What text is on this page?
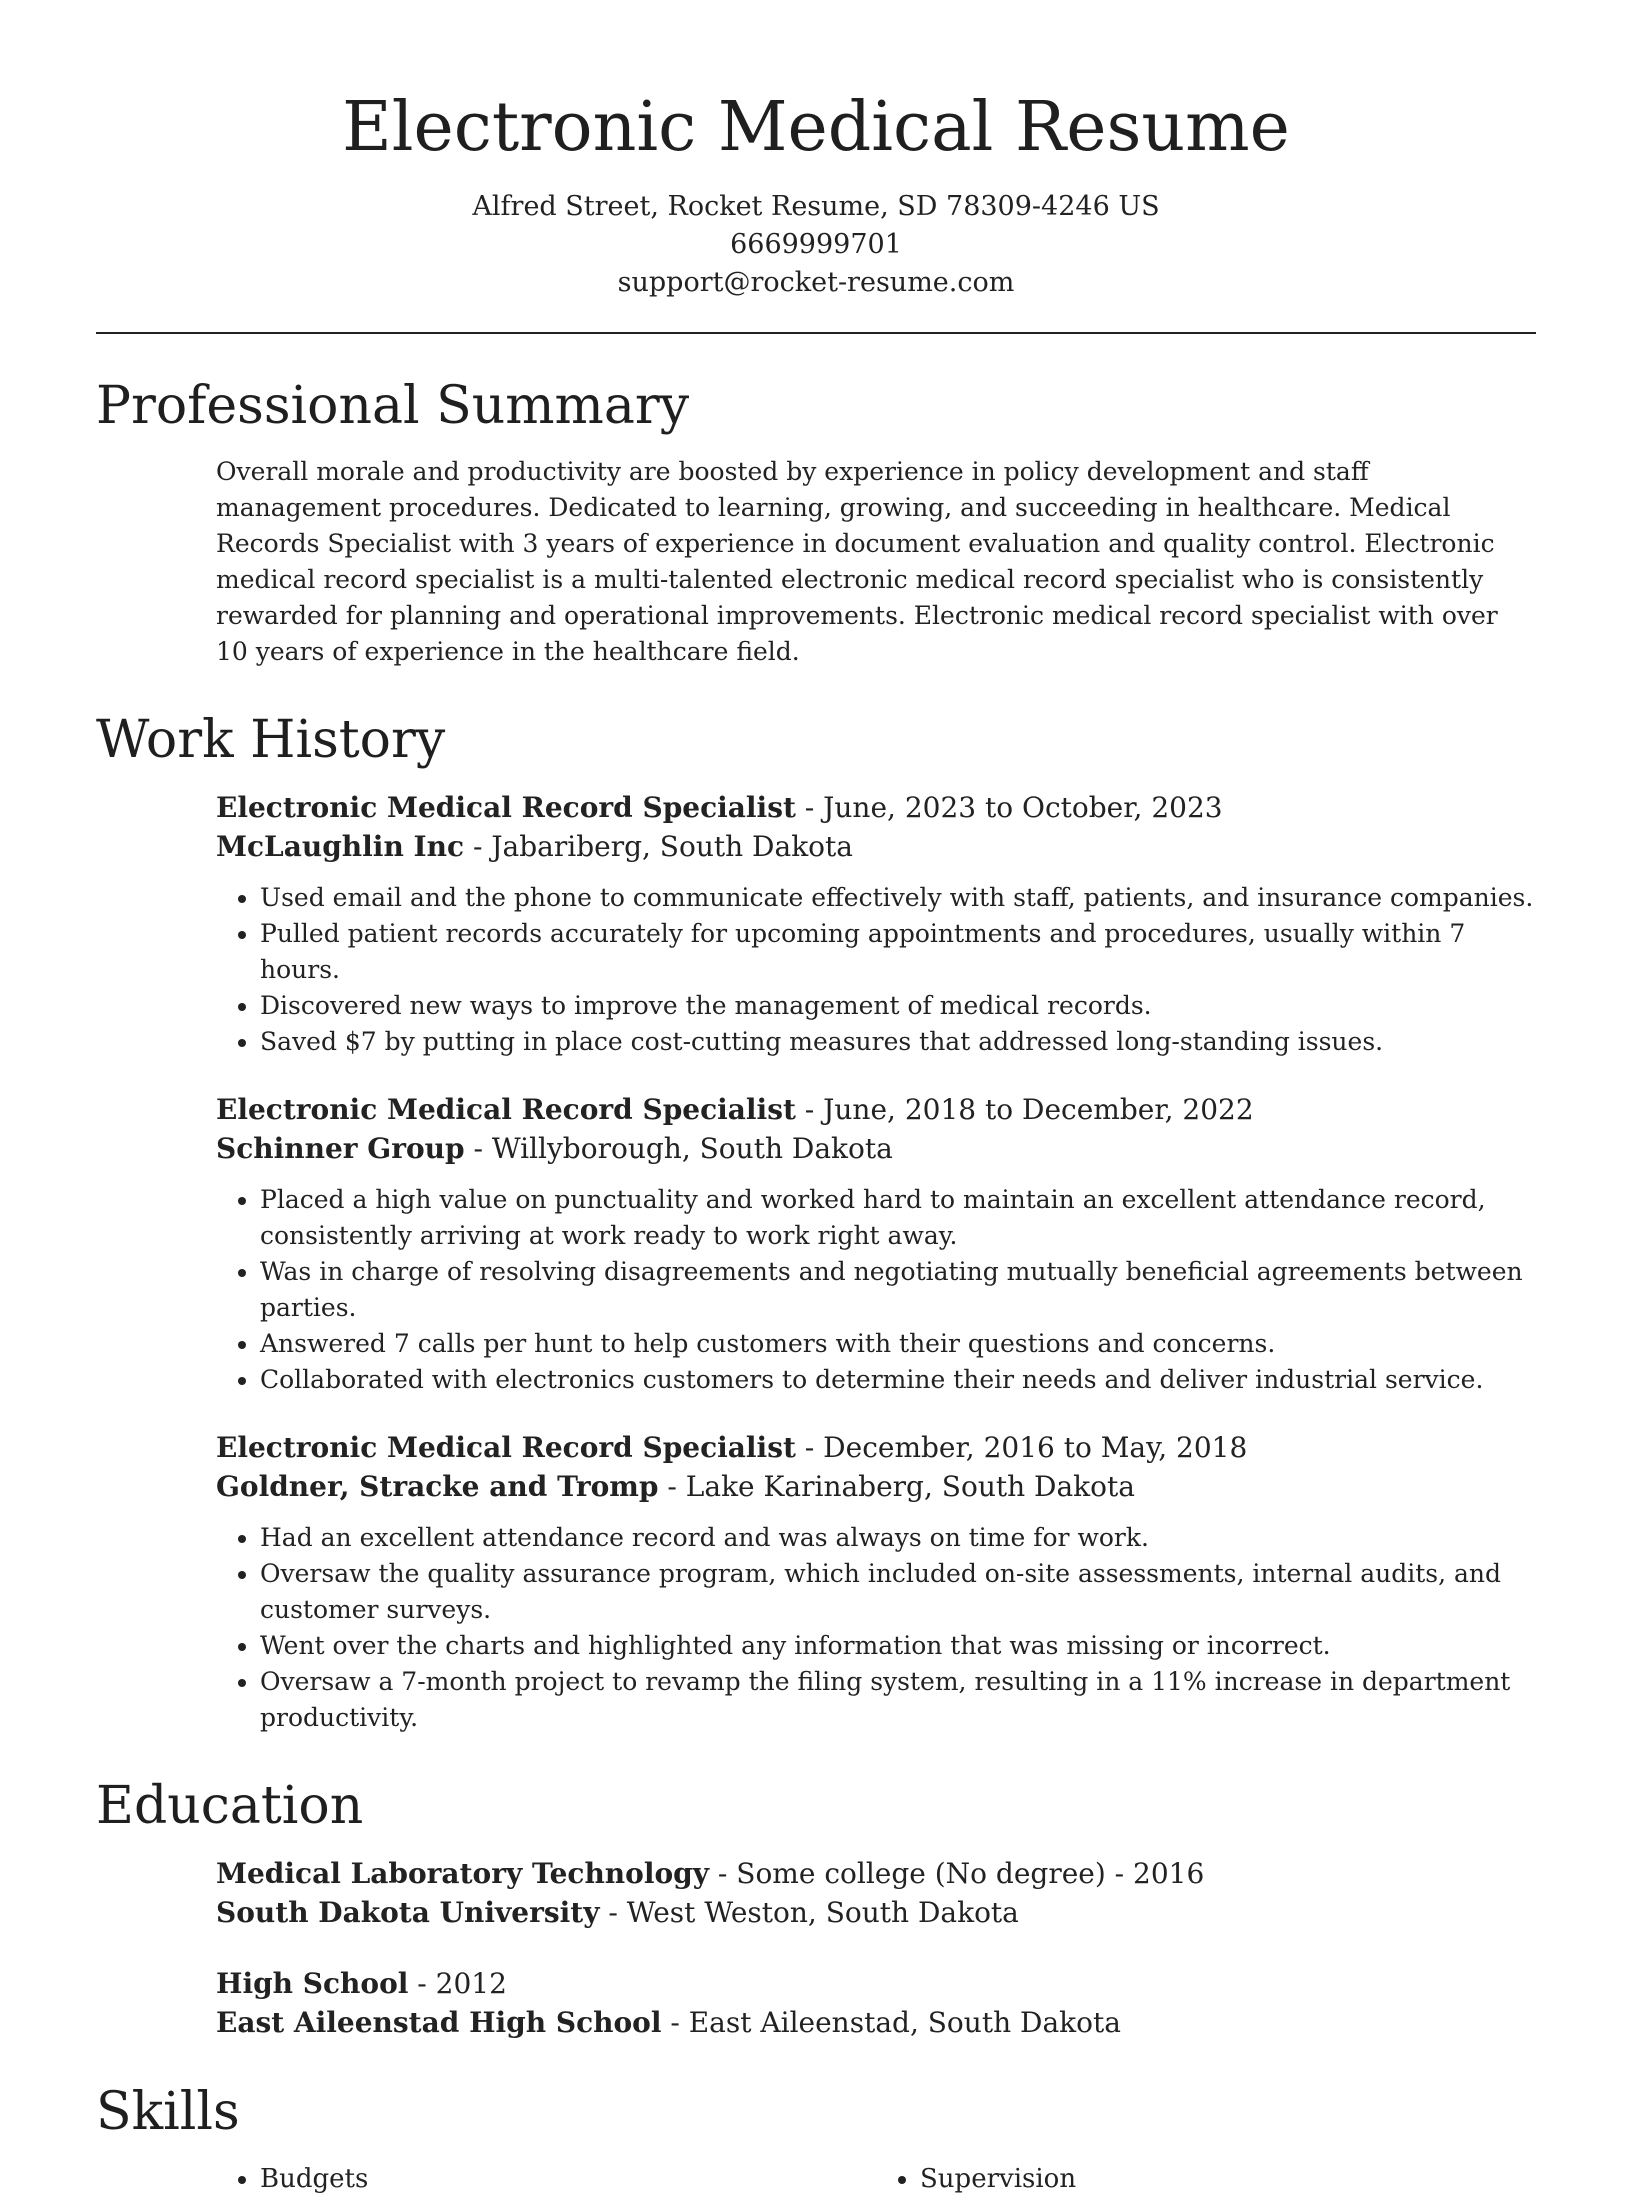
Electronic Medical Resume
Alfred Street, Rocket Resume, SD 78309-4246 US
6669999701
support@rocket-resume.com
Professional Summary

Overall morale and productivity are boosted by experience in policy development and staff management procedures. Dedicated to learning, growing, and succeeding in healthcare. Medical Records Specialist with 3 years of experience in document evaluation and quality control. Electronic medical record specialist is a multi-talented electronic medical record specialist who is consistently rewarded for planning and operational improvements. Electronic medical record specialist with over 10 years of experience in the healthcare field.

Work History
Electronic Medical Record Specialist - June, 2023 to October, 2023
McLaughlin Inc - Jabariberg, South Dakota
• Used email and the phone to communicate effectively with staff, patients, and insurance companies.
• Pulled patient records accurately for upcoming appointments and procedures, usually within 7 hours.
• Discovered new ways to improve the management of medical records.
• Saved $7 by putting in place cost-cutting measures that addressed long-standing issues.
Electronic Medical Record Specialist - June, 2018 to December, 2022
Schinner Group - Willyborough, South Dakota
• Placed a high value on punctuality and worked hard to maintain an excellent attendance record, consistently arriving at work ready to work right away.
• Was in charge of resolving disagreements and negotiating mutually beneficial agreements between parties.
• Answered 7 calls per hunt to help customers with their questions and concerns.
• Collaborated with electronics customers to determine their needs and deliver industrial service.
Electronic Medical Record Specialist - December, 2016 to May, 2018
Goldner, Stracke and Tromp - Lake Karinaberg, South Dakota
• Had an excellent attendance record and was always on time for work.
• Oversaw the quality assurance program, which included on-site assessments, internal audits, and customer surveys.
• Went over the charts and highlighted any information that was missing or incorrect.
• Oversaw a 7-month project to revamp the filing system, resulting in a 11% increase in department productivity.
Education
Medical Laboratory Technology - Some college (No degree) - 2016
South Dakota University - West Weston, South Dakota
High School - 2012
East Aileenstad High School - East Aileenstad, South Dakota
Skills
• Budgets
•	Supervision
